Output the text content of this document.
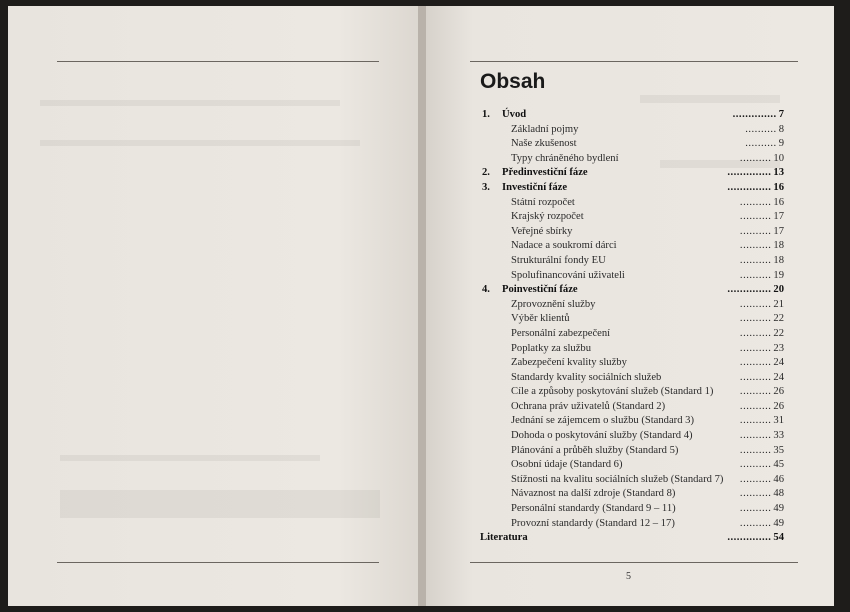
Obsah
1. Úvod	..... 7
Základní pojmy	..... 8
Naše zkušenost	..... 9
Typy chráněného bydlení	..... 10
2. Předinvestiční fáze	..... 13
3. Investiční fáze	..... 16
Státní rozpočet	..... 16
Krajský rozpočet	..... 17
Veřejné sbírky	..... 17
Nadace a soukromí dárci	..... 18
Strukturální fondy EU	..... 18
Spolufinancování uživateli	..... 19
4. Poinvestiční fáze	..... 20
Zprovoznění služby	..... 21
Výběr klientů	..... 22
Personální zabezpečení	..... 22
Poplatky za službu	..... 23
Zabezpečení kvality služby	..... 24
Standardy kvality sociálních služeb	..... 24
Cíle a způsoby poskytování služeb (Standard 1)	..... 26
Ochrana práv uživatelů (Standard 2)	..... 26
Jednání se zájemcem o službu (Standard 3)	..... 31
Dohoda o poskytování služby (Standard 4)	..... 33
Plánování a průběh služby (Standard 5)	..... 35
Osobní údaje (Standard 6)	..... 45
Stížnosti na kvalitu sociálních služeb (Standard 7)	..... 46
Návaznost na další zdroje (Standard 8)	..... 48
Personální standardy (Standard 9 – 11)	..... 49
Provozní standardy (Standard 12 – 17)	..... 49
Literatura	..... 54
5
